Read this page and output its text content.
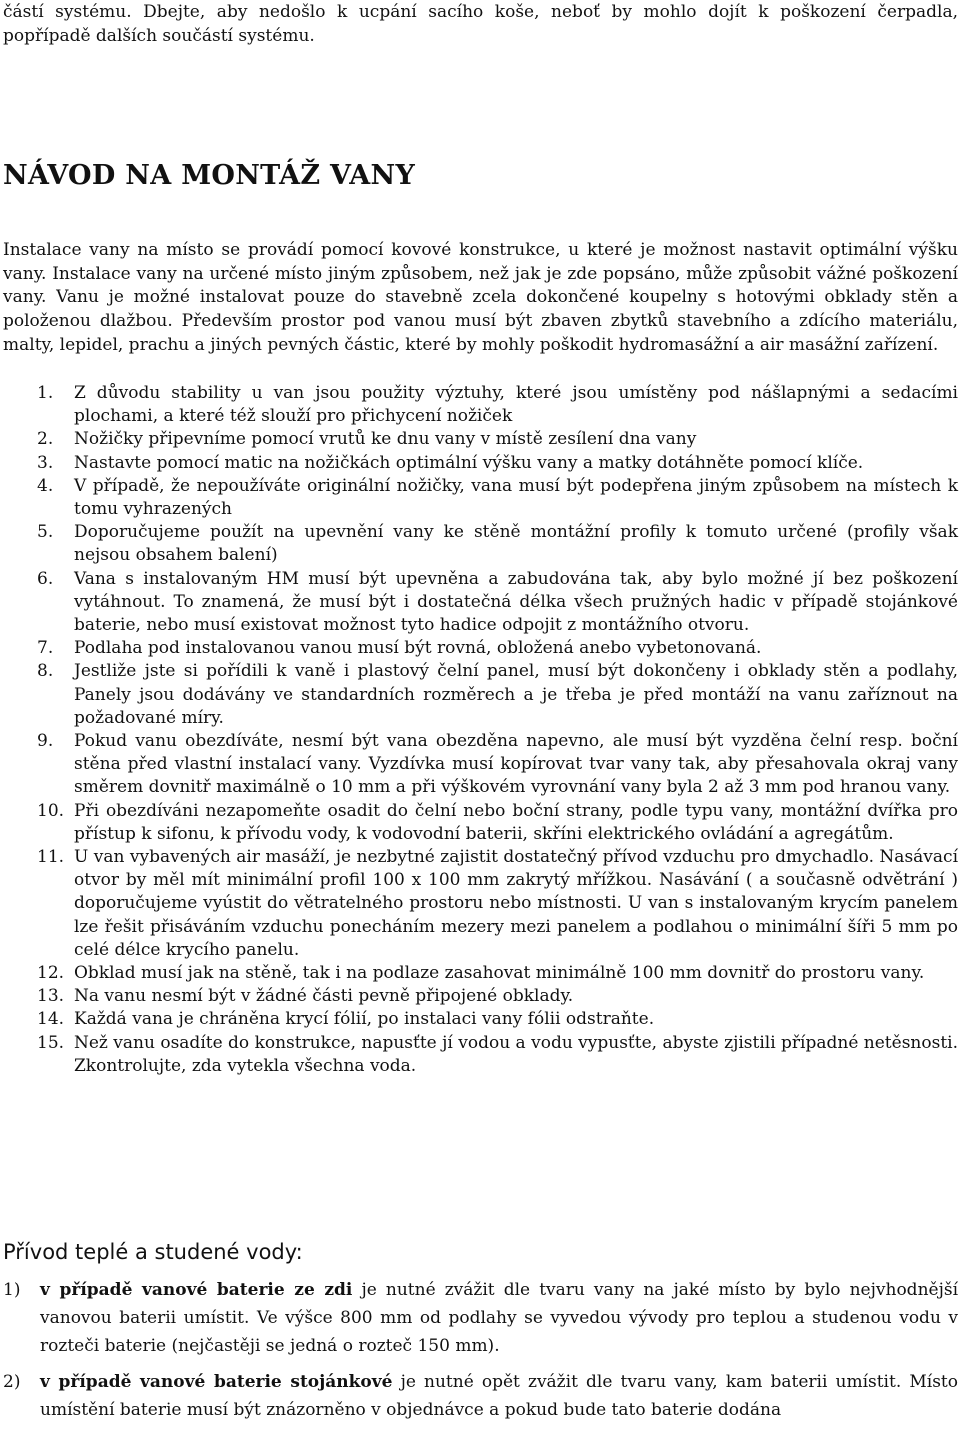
částí systému. Dbejte, aby nedošlo k ucpání sacího koše, neboť by mohlo dojít k poškození čerpadla, popřípadě dalších součástí systému.
NÁVOD NA MONTÁŽ VANY
Instalace vany na místo se provádí pomocí kovové konstrukce, u které je možnost nastavit optimální výšku vany. Instalace vany na určené místo jiným způsobem, než jak je zde popsáno, může způsobit vážné poškození vany. Vanu je možné instalovat pouze do stavebně zcela dokončené koupelny s hotovými obklady stěn a položenou dlažbou. Především prostor pod vanou musí být zbaven zbytků stavebního a zdícího materiálu, malty, lepidel, prachu a jiných pevných částic, které by mohly poškodit hydromasážní a air masážní zařízení.
1.	Z důvodu stability u van jsou použity výztuhy, které jsou umístěny pod nášlapnými a sedacími plochami, a které též slouží pro přichycení nožiček
2.	Nožičky připevníme pomocí vrutů ke dnu vany v místě zesílení dna vany
3.	Nastavte pomocí matic na nožičkách optimální výšku vany a matky dotáhněte pomocí klíče.
4.	V případě, že nepoužíváte originální nožičky, vana musí být podepřena jiným způsobem na místech k tomu vyhrazených
5.	Doporučujeme použít na upevnění vany ke stěně montážní profily k tomuto určené (profily však nejsou obsahem balení)
6.	Vana s instalovaným HM musí být upevněna a zabudována tak, aby bylo možné jí bez poškození vytáhnout. To znamená, že musí být i dostatečná délka všech pružných hadic v případě stojánkové baterie, nebo musí existovat možnost tyto hadice odpojit z montážního otvoru.
7.	Podlaha pod instalovanou vanou musí být rovná, obložená anebo vybetonovaná.
8.	Jestliže jste si pořídili k vaně i plastový čelní panel, musí být dokončeny i obklady stěn a podlahy, Panely jsou dodávány ve standardních rozměrech a je třeba je před montáží na vanu zaříznout na požadované míry.
9.	Pokud vanu obezdíváte, nesmí být vana obezděna napevno, ale musí být vyzděna čelní resp. boční stěna před vlastní instalací vany. Vyzdívka musí kopírovat tvar vany tak, aby přesahovala okraj vany směrem dovnitř maximálně o 10 mm a při výškovém vyrovnání vany byla 2 až 3 mm pod hranou vany.
10. Při obezdíváni nezapomeňte osadit do čelní nebo boční strany, podle typu vany, montážní dvířka pro přístup k sifonu, k přívodu vody, k vodovodní baterii, skříni elektrického ovládání a agregátům.
11. U van vybavených air masáží, je nezbytné zajistit dostatečný přívod vzduchu pro dmychadlo. Nasávací otvor by měl mít minimální profil 100 x 100 mm zakrytý mřížkou. Nasávání ( a současně odvětrání ) doporučujeme vyústit do větratelného prostoru nebo místnosti. U van s instalovaným krycím panelem lze řešit přisáváním vzduchu ponecháním mezery mezi panelem a podlahou o minimální šíři 5 mm po celé délce krycího panelu.
12. Obklad musí jak na stěně, tak i na podlaze zasahovat minimálně 100 mm dovnitř do prostoru vany.
13. Na vanu nesmí být v žádné části pevně připojené obklady.
14. Každá vana je chráněna krycí fólií, po instalaci vany fólii odstraňte.
15. Než vanu osadíte do konstrukce, napusťte jí vodou a vodu vypusťte, abyste zjistili případné netěsnosti. Zkontrolujte, zda vytekla všechna voda.
Přívod teplé a studené vody:
1)	v případě vanové baterie ze zdi je nutné zvážit dle tvaru vany na jaké místo by bylo nejvhodnější vanovou baterii umístit. Ve výšce 800 mm od podlahy se vyvedou vývody pro teplou a studenou vodu v rozteči baterie (nejčastěji se jedná o rozteč 150 mm).
2)	v případě vanové baterie stojánkové je nutné opět zvážit dle tvaru vany, kam baterii umístit. Místo umístění baterie musí být znázorněno v objednávce a pokud bude tato baterie dodána
